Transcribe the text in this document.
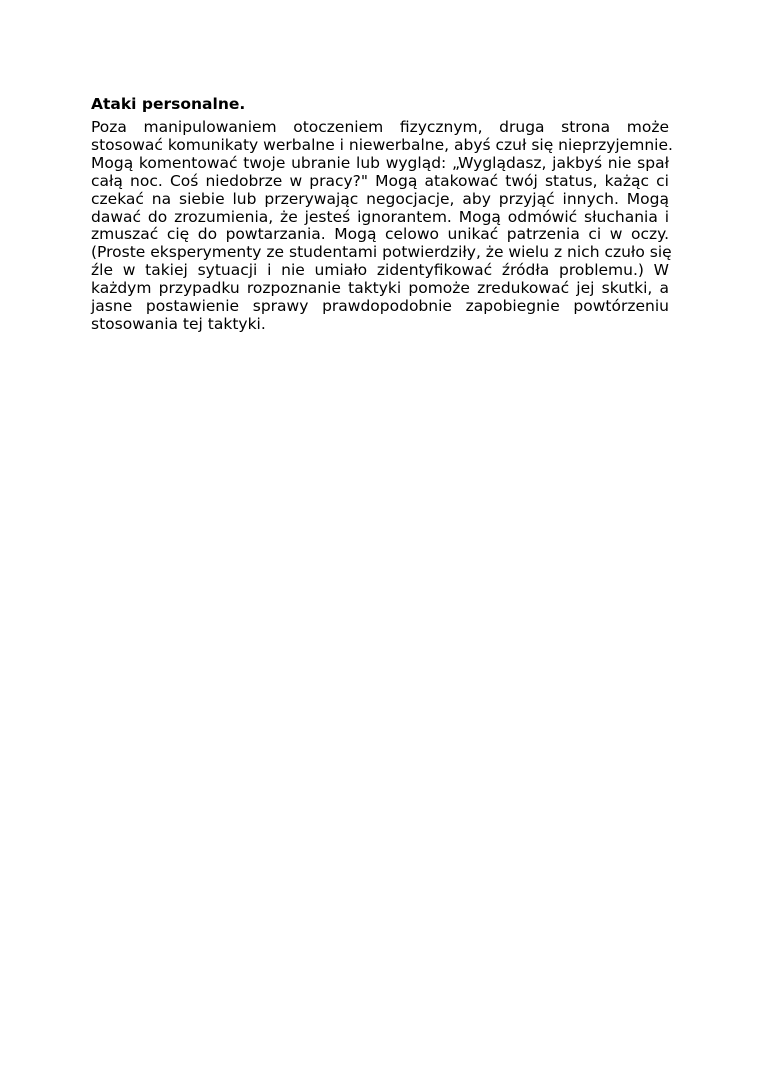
Ataki personalne.
Poza manipulowaniem otoczeniem fizycznym, druga strona może
stosować komunikaty werbalne i niewerbalne, abyś czuł się nieprzyjemnie.
Mogą komentować twoje ubranie lub wygląd: „Wyglądasz, jakbyś nie spał
całą noc. Coś niedobrze w pracy?" Mogą atakować twój status, każąc ci
czekać na siebie lub przerywając negocjacje, aby przyjąć innych. Mogą
dawać do zrozumienia, że jesteś ignorantem. Mogą odmówić słuchania i
zmuszać cię do powtarzania. Mogą celowo unikać patrzenia ci w oczy.
(Proste eksperymenty ze studentami potwierdziły, że wielu z nich czuło się
źle w takiej sytuacji i nie umiało zidentyfikować źródła problemu.) W
każdym przypadku rozpoznanie taktyki pomoże zredukować jej skutki, a
jasne postawienie sprawy prawdopodobnie zapobiegnie powtórzeniu
stosowania tej taktyki.
